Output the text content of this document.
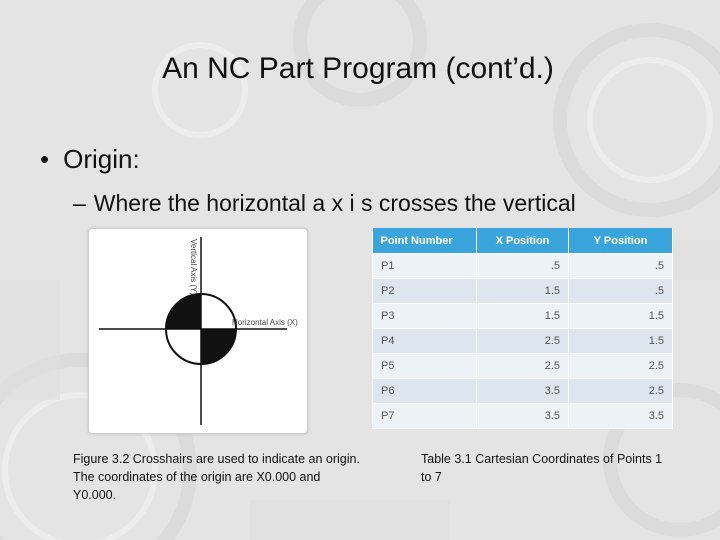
An NC Part Program (cont’d.)
• Origin:
– Where the horizontal a x i s crosses the vertical
Vertical Axis (Y)
Horizontal Axis (X)
Point Number	X Position	Y Position
P1	.5	.5
P2	1.5	.5
P3	1.5	1.5
P4	2.5	1.5
P5	2.5	2.5
P6	3.5	2.5
P7	3.5	3.5
Figure 3.2 Crosshairs are used to indicate an origin. The coordinates of the origin are X0.000 and Y0.000.
Table 3.1 Cartesian Coordinates of Points 1 to 7
